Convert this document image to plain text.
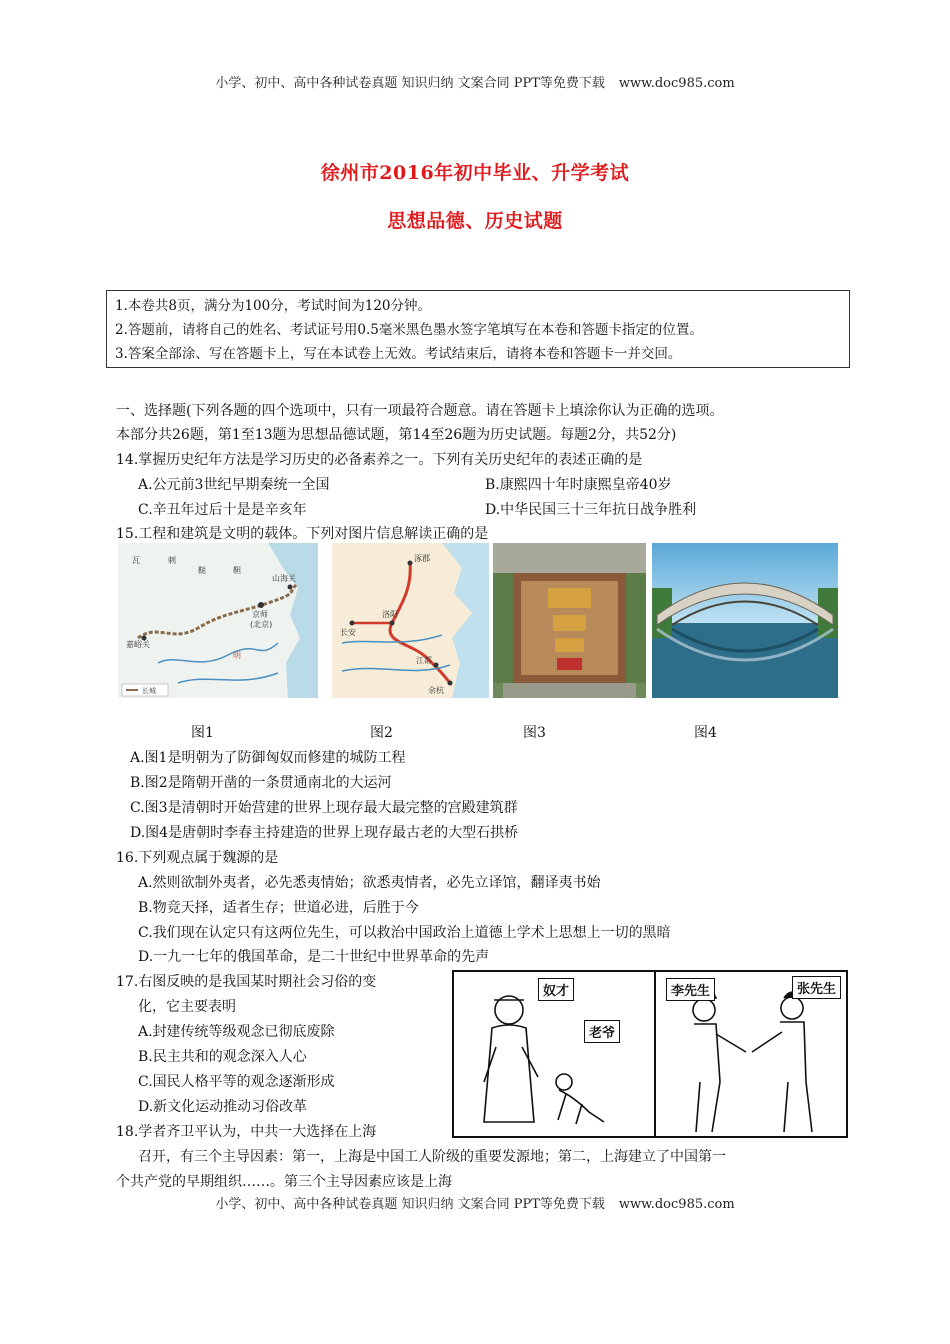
小学、初中、高中各种试卷真题 知识归纳 文案合同 PPT等免费下载 www.doc985.com
徐州市2016年初中毕业、升学考试
思想品德、历史试题
1.本卷共8页，满分为100分，考试时间为120分钟。
2.答题前，请将自己的姓名、考试证号用0.5毫米黑色墨水签字笔填写在本卷和答题卡指定的位置。
3.答案全部涂、写在答题卡上，写在本试卷上无效。考试结束后，请将本卷和答题卡一并交回。
一、选择题(下列各题的四个选项中，只有一项最符合题意。请在答题卡上填涂你认为正确的选项。
本部分共26题，第1至13题为思想品德试题，第14至26题为历史试题。每题2分，共52分)
14.掌握历史纪年方法是学习历史的必备素养之一。下列有关历史纪年的表述正确的是
A.公元前3世纪早期秦统一全国	B.康熙四十年时康熙皇帝40岁
C.辛丑年过后十是是辛亥年	D.中华民国三十三年抗日战争胜利
15.工程和建筑是文明的载体。下列对图片信息解读正确的是
瓦	剌
鞑	靼
山海关
京师
(北京)
嘉峪关
明
长城
涿郡
洛阳
长安
江都
余杭
图1	图2	图3	图4
A.图1是明朝为了防御匈奴而修建的城防工程
B.图2是隋朝开凿的一条贯通南北的大运河
C.图3是清朝时开始营建的世界上现存最大最完整的宫殿建筑群
D.图4是唐朝时李春主持建造的世界上现存最古老的大型石拱桥
16.下列观点属于魏源的是
A.然则欲制外夷者，必先悉夷情始；欲悉夷情者，必先立译馆，翻译夷书始
B.物竞天择，适者生存；世道必进，后胜于今
C.我们现在认定只有这两位先生，可以救治中国政治上道德上学术上思想上一切的黑暗
D.一九一七年的俄国革命，是二十世纪中世界革命的先声
17.右图反映的是我国某时期社会习俗的变
化，它主要表明
A.封建传统等级观念已彻底废除
B.民主共和的观念深入人心
C.国民人格平等的观念逐渐形成
D.新文化运动推动习俗改革
奴才
老爷
李先生	张先生
18.学者齐卫平认为，中共一大选择在上海
召开，有三个主导因素：第一，上海是中国工人阶级的重要发源地；第二，上海建立了中国第一
个共产党的早期组织……。第三个主导因素应该是上海
小学、初中、高中各种试卷真题 知识归纳 文案合同 PPT等免费下载 www.doc985.com
